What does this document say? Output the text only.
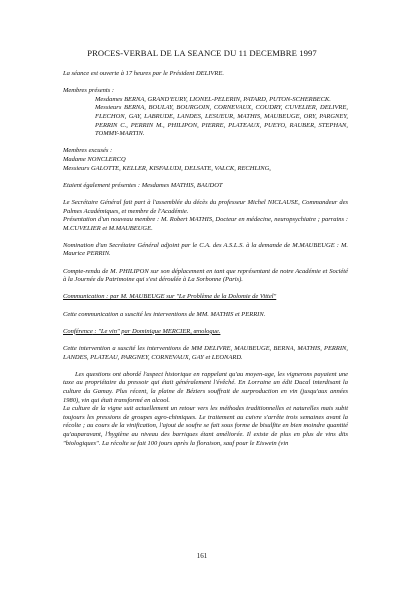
PROCES-VERBAL DE LA SEANCE DU 11 DECEMBRE 1997

La séance est ouverte à 17 heures par le Président DELIVRE.

Membres présents :

Mesdames BERNA, GRAND'EURY, LIONEL-PELERIN, PATARD, PUTON-SCHERBECK.

Messieurs BERNA, BOULAY, BOURGOIN, CORNEVAUX, COUDRY, CUVELIER, DELIVRE, FLECHON, GAY, LABRUDE, LANDES, LESUEUR, MATHIS, MAUBEUGE, ORY, PARGNEY, PERRIN C., PERRIN M., PHILIPON, PIERRE, PLATEAUX, PUEYO, RAUBER, STEPHAN, TOMMY-MARTIN.

Membres excusés :

Madame NONCLERCQ

Messieurs GALOTTE, KELLER, KISFALUDI, DELSATE, VALCK, RECHLING,

Etaient également présentes : Mesdames MATHIS, BAUDOT

Le Secrétaire Général fait part à l'assemblée du décès du professeur Michel NICLAUSE, Commandeur des Palmes Académiques, et membre de l'Académie.

Présentation d'un nouveau membre : M. Robert MATHIS, Docteur en médecine, neuropsychiatre ; parrains : M.CUVELIER et M.MAUBEUGE.

Nomination d'un Secrétaire Général adjoint par le C.A. des A.S.L.S. à la demande de M.MAUBEUGE : M. Maurice PERRIN.

Compte-rendu de M. PHILIPON sur son déplacement en tant que représentant de notre Académie et Société à la Journée du Patrimoine qui s'est déroulée à La Sorbonne (Paris).

Communication : par M. MAUBEUGE sur "Le Problème de la Dolomie de Vittel"

Cette communication a suscité les interventions de MM. MATHIS et PERRIN.

Conférence : "Le vin" par Dominique MERCIER, œnologue.

Cette intervention a suscité les interventions de MM DELIVRE, MAUBEUGE, BERNA, MATHIS, PERRIN, LANDES, PLATEAU, PARGNEY, CORNEVAUX, GAY et LEONARD.

Les questions ont abordé l'aspect historique en rappelant qu'au moyen-age, les vignerons payaient une taxe au propriétaire du pressoir qui était généralement l'évêché. En Lorraine un édit Ducal interdisant la culture du Gamay. Plus récent, la plaine de Béziers souffrait de surproduction en vin (jusqu'aux années 1980), vin qui était transformé en alcool.

La culture de la vigne suit actuellement un retour vers les méthodes traditionnelles et naturelles mais subit toujours les pressions de groupes agro-chimiques. Le traitement au cuivre s'arrête trois semaines avant la récolte ; au cours de la vinification, l'ajout de soufre se fait sous forme de bisulfite en bien moindre quantité qu'auparavant, l'hygiène au niveau des barriques étant améliorée. Il existe de plus en plus de vins dits "biologiques". La récolte se fait 100 jours après la floraison, sauf pour le Eiswein (vin

161
